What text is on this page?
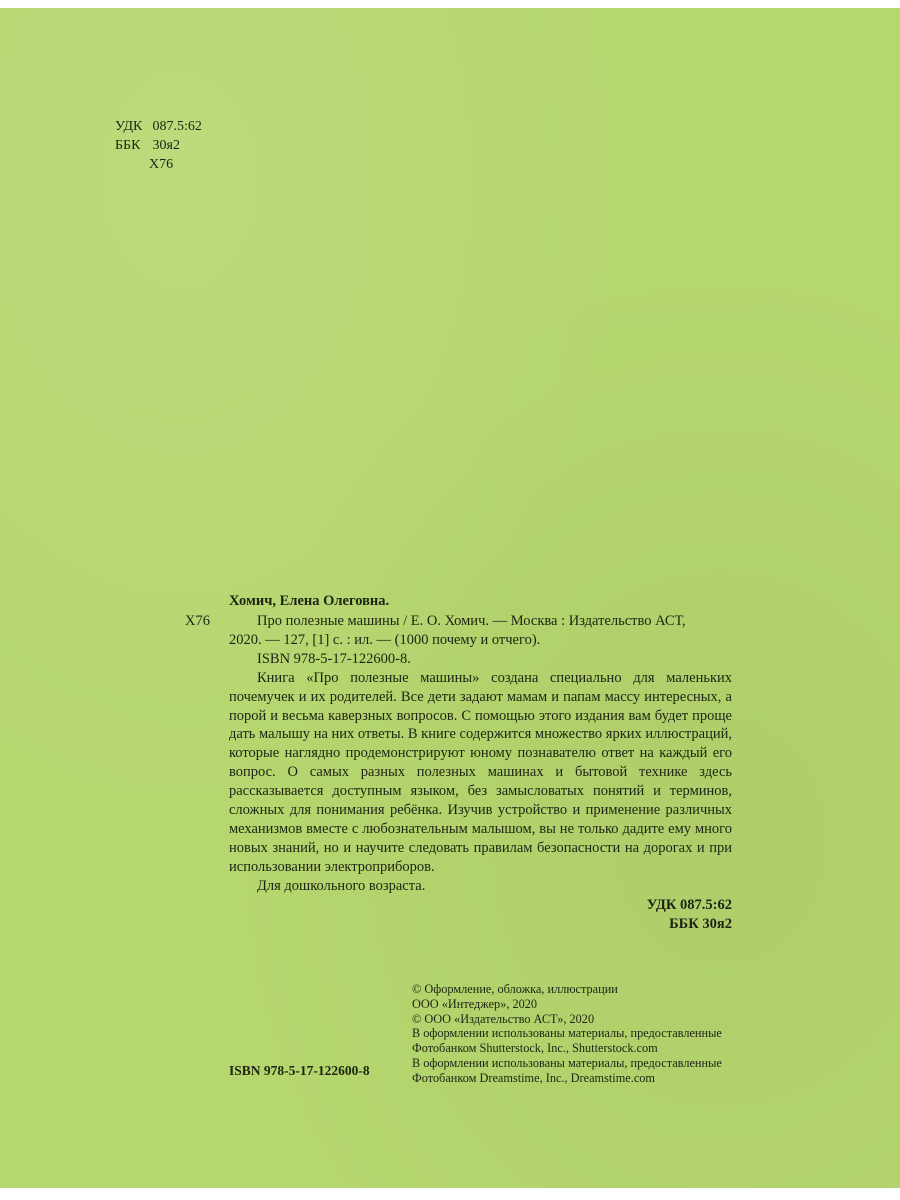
УДК 087.5:62
ББК 30я2
Х76
Хомич, Елена Олеговна.
Х76	Про полезные машины / Е. О. Хомич. — Москва : Издательство АСТ,

2020. — 127, [1] с. : ил. — (1000 почему и отчего).

ISBN 978-5-17-122600-8.

Книга «Про полезные машины» создана специально для маленьких почемучек и их родителей. Все дети задают мамам и папам массу интересных, а порой и весьма каверзных вопросов. С помощью этого издания вам будет проще дать малышу на них ответы. В книге содержится множество ярких иллюстраций, которые наглядно продемонстрируют юному познавателю ответ на каждый его вопрос. О самых разных полезных машинах и бытовой технике здесь рассказывается доступным языком, без замысловатых понятий и терминов, сложных для понимания ребёнка. Изучив устройство и применение различных механизмов вместе с любознательным малышом, вы не только дадите ему много новых знаний, но и научите следовать правилам безопасности на дорогах и при использовании электроприборов.

Для дошкольного возраста.

УДК 087.5:62
ББК 30я2
© Оформление, обложка, иллюстрации
ООО «Интеджер», 2020
© ООО «Издательство АСТ», 2020
В оформлении использованы материалы, предоставленные
Фотобанком Shutterstock, Inc., Shutterstock.com
В оформлении использованы материалы, предоставленные
Фотобанком Dreamstime, Inc., Dreamstime.com
ISBN 978-5-17-122600-8
